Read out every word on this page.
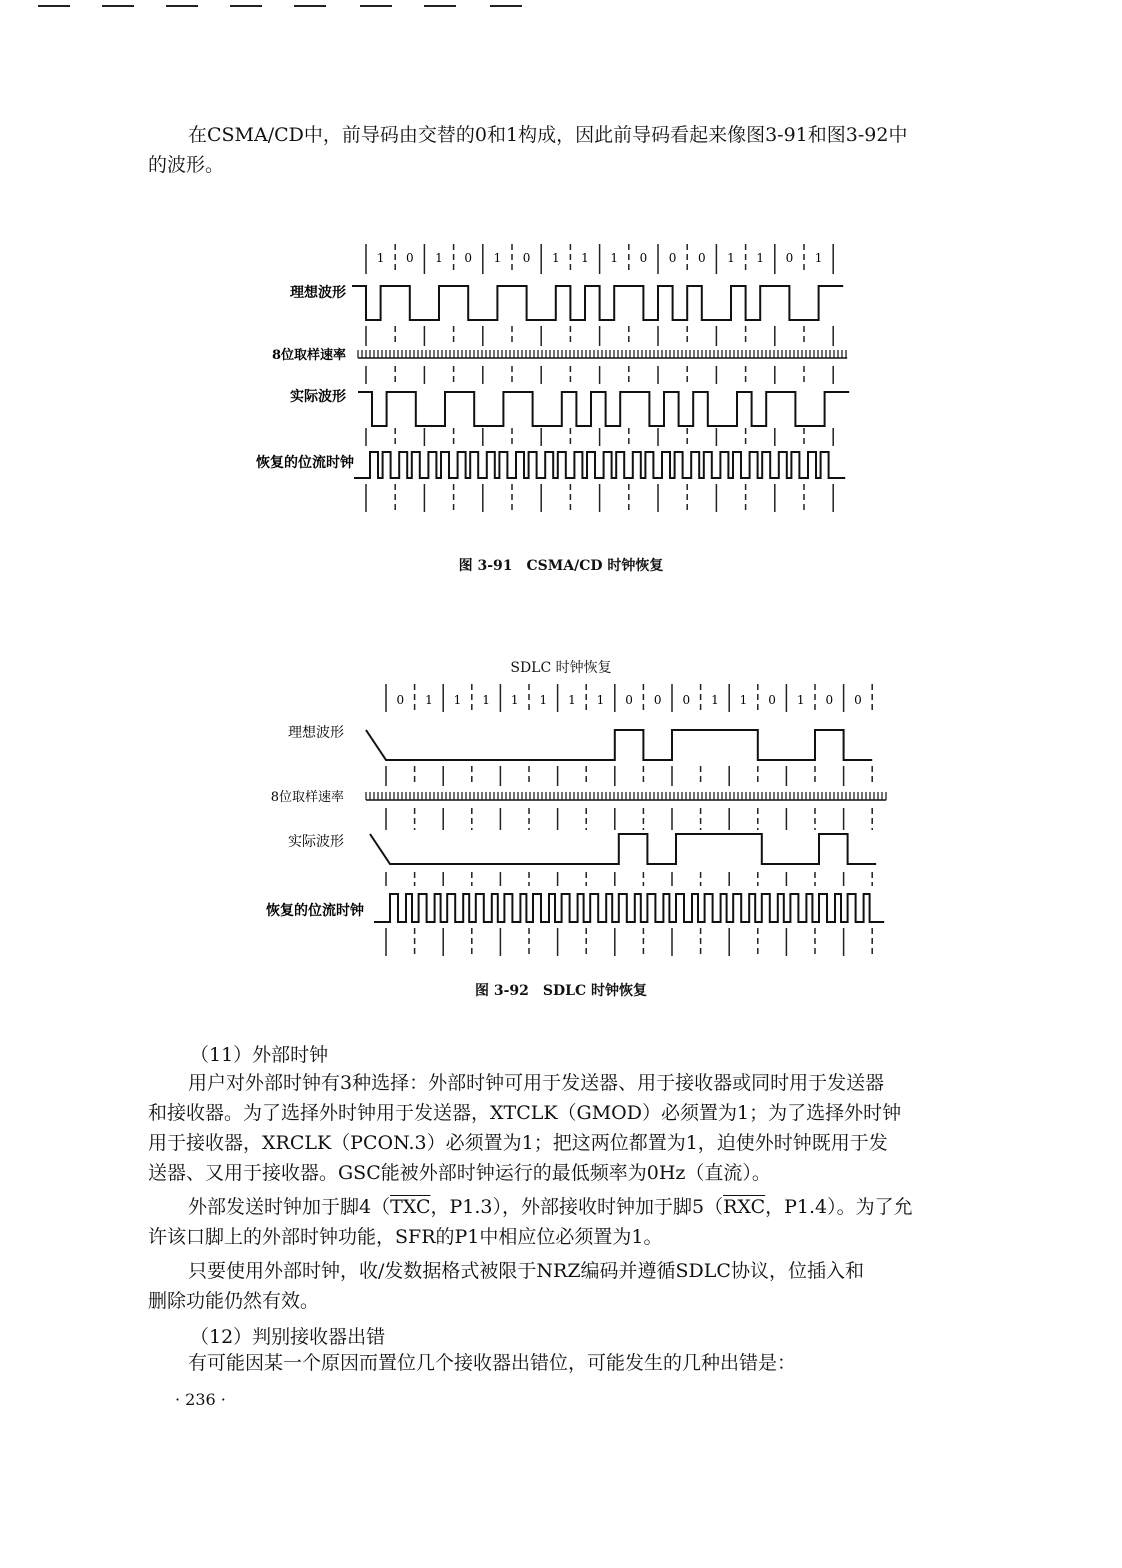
在CSMA/CD中，前导码由交替的0和1构成，因此前导码看起来像图3-91和图3-92中
的波形。

1 0 1 0 1 0 1 1 1 0 0 0 1 1 0 1
理想波形
8位取样速率
实际波形
恢复的位流时钟
图 3-91　CSMA/CD 时钟恢复
SDLC 时钟恢复
0 1 1 1 1 1 1 1 0 0 0 1 1 0 1 0 0
理想波形
8位取样速率
实际波形
恢复的位流时钟
图 3-92　SDLC 时钟恢复
（11）外部时钟

用户对外部时钟有3种选择：外部时钟可用于发送器、用于接收器或同时用于发送器
和接收器。为了选择外时钟用于发送器，XTCLK（GMOD）必须置为1；为了选择外时钟
用于接收器，XRCLK（PCON.3）必须置为1；把这两位都置为1，迫使外时钟既用于发
送器、又用于接收器。GSC能被外部时钟运行的最低频率为0Hz（直流）。

外部发送时钟加于脚$4(\overline{TXC}$，P1.3），外部接收时钟加于脚$5(\overline{RXC}$，P1.4）。为了允
许该口脚上的外部时钟功能，SFR的P1中相应位必须置为1。

只要使用外部时钟，收/发数据格式被限于NRZ编码并遵循SDLC协议，位插入和
删除功能仍然有效。

（12）判别接收器出错

有可能因某一个原因而置位几个接收器出错位，可能发生的几种出错是：

· 236 ·
